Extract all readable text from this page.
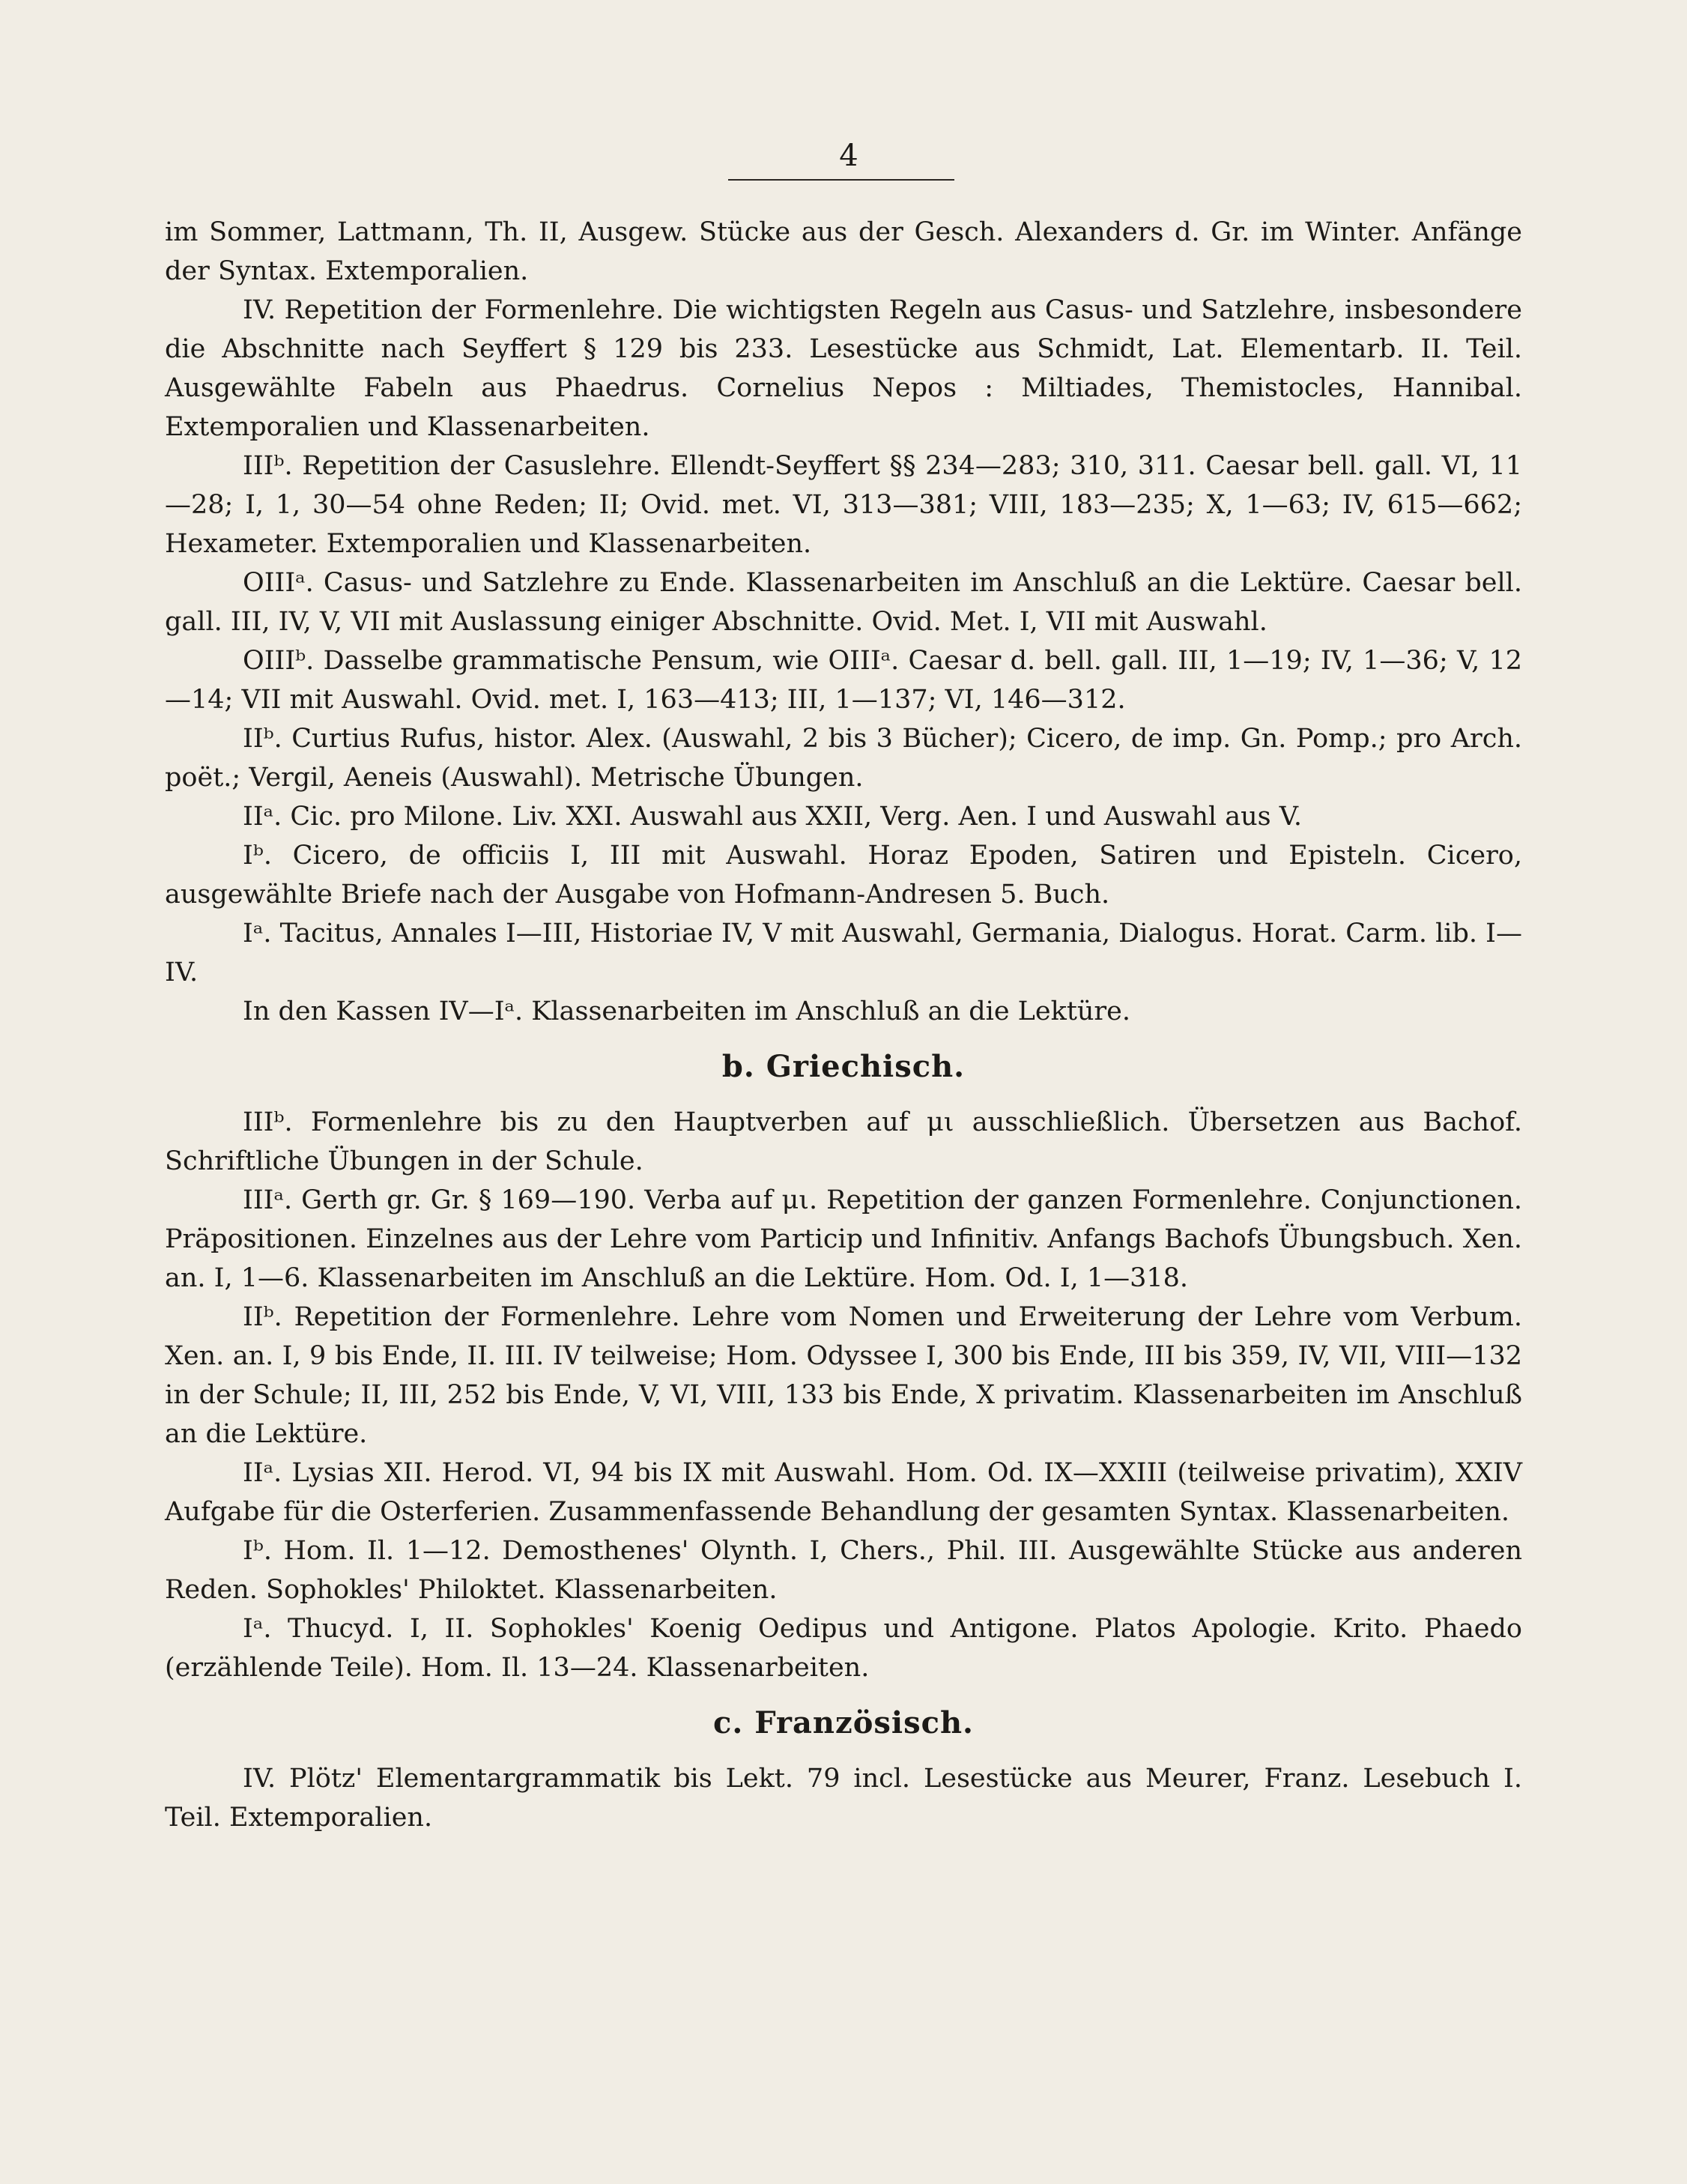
4

im Sommer, Lattmann, Th. II, Ausgew. Stücke aus der Gesch. Alexanders d. Gr. im Winter. Anfänge der Syntax. Extemporalien.

IV. Repetition der Formenlehre. Die wichtigsten Regeln aus Casus- und Satzlehre, insbesondere die Abschnitte nach Seyffert § 129 bis 233. Lesestücke aus Schmidt, Lat. Elementarb. II. Teil. Ausgewählte Fabeln aus Phaedrus. Cornelius Nepos : Miltiades, Themistocles, Hannibal. Extemporalien und Klassenarbeiten.

IIIᵇ. Repetition der Casuslehre. Ellendt-Seyffert §§ 234—283; 310, 311. Caesar bell. gall. VI, 11—28; I, 1, 30—54 ohne Reden; II; Ovid. met. VI, 313—381; VIII, 183—235; X, 1—63; IV, 615—662; Hexameter. Extemporalien und Klassenarbeiten.

OIIIᵃ. Casus- und Satzlehre zu Ende. Klassenarbeiten im Anschluß an die Lektüre. Caesar bell. gall. III, IV, V, VII mit Auslassung einiger Abschnitte. Ovid. Met. I, VII mit Auswahl.

OIIIᵇ. Dasselbe grammatische Pensum, wie OIIIᵃ. Caesar d. bell. gall. III, 1—19; IV, 1—36; V, 12—14; VII mit Auswahl. Ovid. met. I, 163—413; III, 1—137; VI, 146—312.

IIᵇ. Curtius Rufus, histor. Alex. (Auswahl, 2 bis 3 Bücher); Cicero, de imp. Gn. Pomp.; pro Arch. poët.; Vergil, Aeneis (Auswahl). Metrische Übungen.

IIᵃ. Cic. pro Milone. Liv. XXI. Auswahl aus XXII, Verg. Aen. I und Auswahl aus V.

Iᵇ. Cicero, de officiis I, III mit Auswahl. Horaz Epoden, Satiren und Episteln. Cicero, ausgewählte Briefe nach der Ausgabe von Hofmann-Andresen 5. Buch.

Iᵃ. Tacitus, Annales I—III, Historiae IV, V mit Auswahl, Germania, Dialogus. Horat. Carm. lib. I—IV.

In den Kassen IV—Iᵃ. Klassenarbeiten im Anschluß an die Lektüre.

b. Griechisch.

IIIᵇ. Formenlehre bis zu den Hauptverben auf μι ausschließlich. Übersetzen aus Bachof. Schriftliche Übungen in der Schule.

IIIᵃ. Gerth gr. Gr. § 169—190. Verba auf μι. Repetition der ganzen Formenlehre. Conjunctionen. Präpositionen. Einzelnes aus der Lehre vom Particip und Infinitiv. Anfangs Bachofs Übungsbuch. Xen. an. I, 1—6. Klassenarbeiten im Anschluß an die Lektüre. Hom. Od. I, 1—318.

IIᵇ. Repetition der Formenlehre. Lehre vom Nomen und Erweiterung der Lehre vom Verbum. Xen. an. I, 9 bis Ende, II. III. IV teilweise; Hom. Odyssee I, 300 bis Ende, III bis 359, IV, VII, VIII—132 in der Schule; II, III, 252 bis Ende, V, VI, VIII, 133 bis Ende, X privatim. Klassenarbeiten im Anschluß an die Lektüre.

IIᵃ. Lysias XII. Herod. VI, 94 bis IX mit Auswahl. Hom. Od. IX—XXIII (teilweise privatim), XXIV Aufgabe für die Osterferien. Zusammenfassende Behandlung der gesamten Syntax. Klassenarbeiten.

Iᵇ. Hom. Il. 1—12. Demosthenes' Olynth. I, Chers., Phil. III. Ausgewählte Stücke aus anderen Reden. Sophokles' Philoktet. Klassenarbeiten.

Iᵃ. Thucyd. I, II. Sophokles' Koenig Oedipus und Antigone. Platos Apologie. Krito. Phaedo (erzählende Teile). Hom. Il. 13—24. Klassenarbeiten.

c. Französisch.

IV. Plötz' Elementargrammatik bis Lekt. 79 incl. Lesestücke aus Meurer, Franz. Lesebuch I. Teil. Extemporalien.
